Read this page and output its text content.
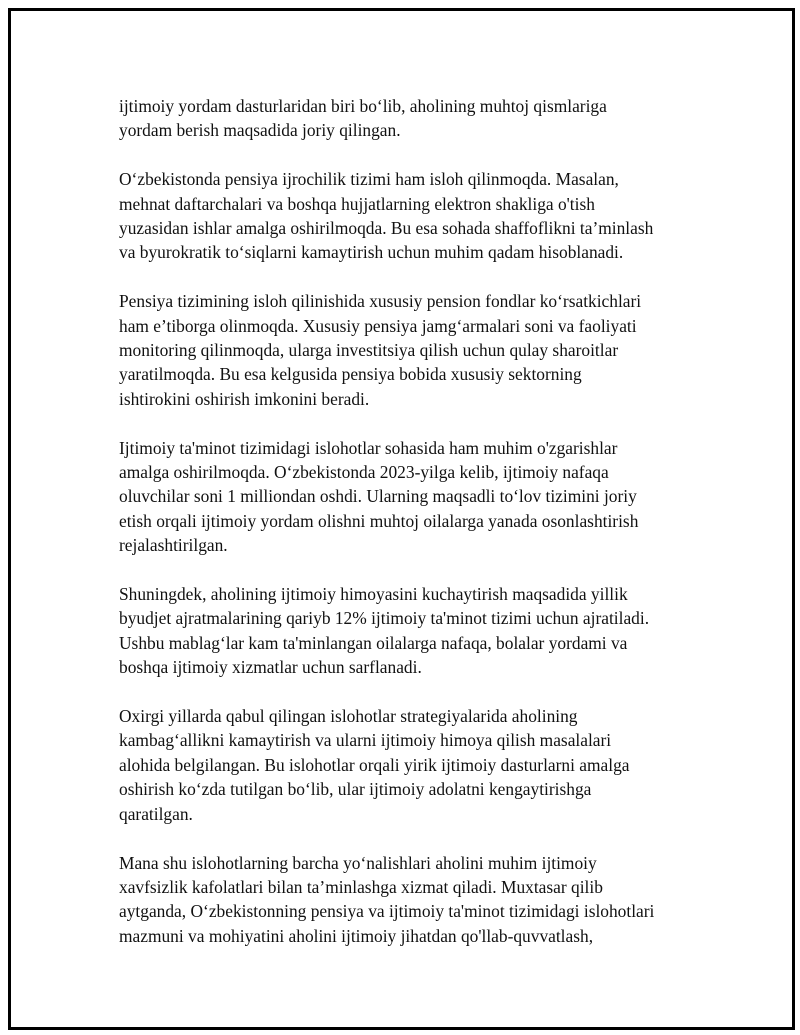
ijtimoiy yordam dasturlaridan biri bo‘lib, aholining muhtoj qismlariga
yordam berish maqsadida joriy qilingan.

O‘zbekistonda pensiya ijrochilik tizimi ham isloh qilinmoqda. Masalan,
mehnat daftarchalari va boshqa hujjatlarning elektron shakliga o'tish
yuzasidan ishlar amalga oshirilmoqda. Bu esa sohada shaffoflikni ta’minlash
va byurokratik to‘siqlarni kamaytirish uchun muhim qadam hisoblanadi.

Pensiya tizimining isloh qilinishida xususiy pension fondlar ko‘rsatkichlari
ham e’tiborga olinmoqda. Xususiy pensiya jamg‘armalari soni va faoliyati
monitoring qilinmoqda, ularga investitsiya qilish uchun qulay sharoitlar
yaratilmoqda. Bu esa kelgusida pensiya bobida xususiy sektorning
ishtirokini oshirish imkonini beradi.

Ijtimoiy ta'minot tizimidagi islohotlar sohasida ham muhim o'zgarishlar
amalga oshirilmoqda. O‘zbekistonda 2023-yilga kelib, ijtimoiy nafaqa
oluvchilar soni 1 milliondan oshdi. Ularning maqsadli to‘lov tizimini joriy
etish orqali ijtimoiy yordam olishni muhtoj oilalarga yanada osonlashtirish
rejalashtirilgan.

Shuningdek, aholining ijtimoiy himoyasini kuchaytirish maqsadida yillik
byudjet ajratmalarining qariyb 12% ijtimoiy ta'minot tizimi uchun ajratiladi.
Ushbu mablag‘lar kam ta'minlangan oilalarga nafaqa, bolalar yordami va
boshqa ijtimoiy xizmatlar uchun sarflanadi.

Oxirgi yillarda qabul qilingan islohotlar strategiyalarida aholining
kambag‘allikni kamaytirish va ularni ijtimoiy himoya qilish masalalari
alohida belgilangan. Bu islohotlar orqali yirik ijtimoiy dasturlarni amalga
oshirish ko‘zda tutilgan bo‘lib, ular ijtimoiy adolatni kengaytirishga
qaratilgan.

Mana shu islohotlarning barcha yo‘nalishlari aholini muhim ijtimoiy
xavfsizlik kafolatlari bilan ta’minlashga xizmat qiladi. Muxtasar qilib
aytganda, O‘zbekistonning pensiya va ijtimoiy ta'minot tizimidagi islohotlari
mazmuni va mohiyatini aholini ijtimoiy jihatdan qo'llab-quvvatlash,
